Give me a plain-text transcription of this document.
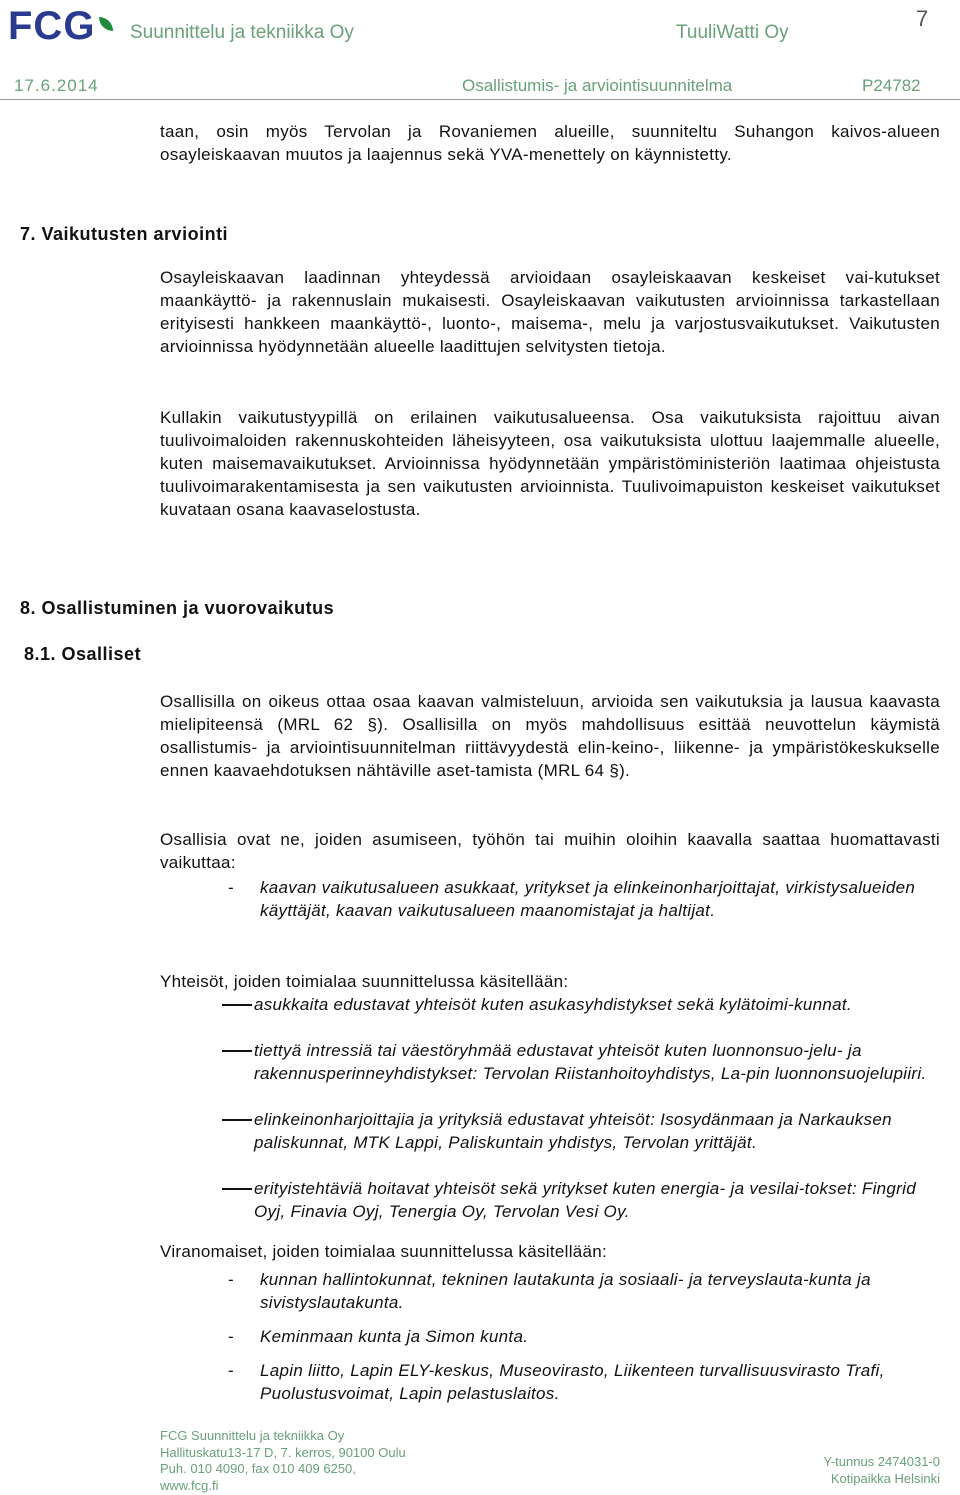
FCG	Suunnittelu ja tekniikka Oy	TuuliWatti Oy
7
17.6.2014	Osallistumis- ja arviointisuunnitelma	P24782

taan, osin myös Tervolan ja Rovaniemen alueille, suunniteltu Suhangon kaivos-alueen osayleiskaavan muutos ja laajennus sekä YVA-menettely on käynnistetty.

7. Vaikutusten arviointi

Osayleiskaavan laadinnan yhteydessä arvioidaan osayleiskaavan keskeiset vai-kutukset maankäyttö- ja rakennuslain mukaisesti. Osayleiskaavan vaikutusten arvioinnissa tarkastellaan erityisesti hankkeen maankäyttö-, luonto-, maisema-, melu ja varjostusvaikutukset. Vaikutusten arvioinnissa hyödynnetään alueelle laadittujen selvitysten tietoja.

Kullakin vaikutustyypillä on erilainen vaikutusalueensa. Osa vaikutuksista rajoittuu aivan tuulivoimaloiden rakennuskohteiden läheisyyteen, osa vaikutuksista ulottuu laajemmalle alueelle, kuten maisemavaikutukset. Arvioinnissa hyödynnetään ympäristöministeriön laatimaa ohjeistusta tuulivoimarakentamisesta ja sen vaikutusten arvioinnista. Tuulivoimapuiston keskeiset vaikutukset kuvataan osana kaavaselostusta.

8. Osallistuminen ja vuorovaikutus
8.1. Osalliset

Osallisilla on oikeus ottaa osaa kaavan valmisteluun, arvioida sen vaikutuksia ja lausua kaavasta mielipiteensä (MRL 62 §). Osallisilla on myös mahdollisuus esittää neuvottelun käymistä osallistumis- ja arviointisuunnitelman riittävyydestä elin-keino-, liikenne- ja ympäristökeskukselle ennen kaavaehdotuksen nähtäville aset-tamista (MRL 64 §).

Osallisia ovat ne, joiden asumiseen, työhön tai muihin oloihin kaavalla saattaa huomattavasti vaikuttaa:

- kaavan vaikutusalueen asukkaat, yritykset ja elinkeinonharjoittajat, virkistysalueiden käyttäjät, kaavan vaikutusalueen maanomistajat ja haltijat.

Yhteisöt, joiden toimialaa suunnittelussa käsitellään:

asukkaita edustavat yhteisöt kuten asukasyhdistykset sekä kylätoimi-kunnat.

tiettyä intressiä tai väestöryhmää edustavat yhteisöt kuten luonnonsuo-jelu- ja rakennusperinneyhdistykset: Tervolan Riistanhoitoyhdistys, La-pin luonnonsuojelupiiri.

elinkeinonharjoittajia ja yrityksiä edustavat yhteisöt: Isosydänmaan ja Narkauksen paliskunnat, MTK Lappi, Paliskuntain yhdistys, Tervolan yrittäjät.

erityistehtäviä hoitavat yhteisöt sekä yritykset kuten energia- ja vesilai-tokset: Fingrid Oyj, Finavia Oyj, Tenergia Oy, Tervolan Vesi Oy.

Viranomaiset, joiden toimialaa suunnittelussa käsitellään:

- kunnan hallintokunnat, tekninen lautakunta ja sosiaali- ja terveyslauta-kunta ja sivistyslautakunta.

- Keminmaan kunta ja Simon kunta.

- Lapin liitto, Lapin ELY-keskus, Museovirasto, Liikenteen turvallisuusvirasto Trafi, Puolustusvoimat, Lapin pelastuslaitos.

FCG Suunnittelu ja tekniikka Oy
Hallituskatu13-17 D, 7. kerros, 90100 Oulu
Puh. 010 4090, fax 010 409 6250,
www.fcg.fi
Y-tunnus 2474031-0
Kotipaikka Helsinki
